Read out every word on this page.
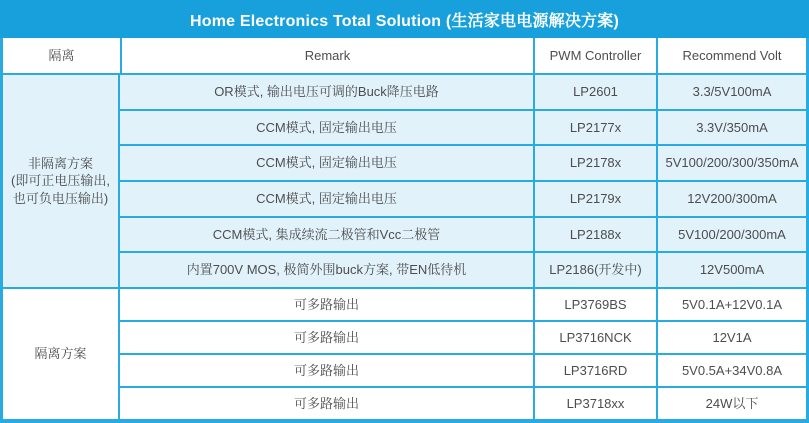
Home Electronics Total Solution (生活家电电源解决方案)
隔离	Remark	PWM Controller	Recommend Volt
非隔离方案
(即可正电压输出,
也可负电压输出)
OR模式, 输出电压可调的Buck降压电路	LP2601	3.3/5V100mA
CCM模式, 固定输出电压	LP2177x	3.3V/350mA
CCM模式, 固定输出电压	LP2178x	5V100/200/300/350mA
CCM模式, 固定输出电压	LP2179x	12V200/300mA
CCM模式, 集成续流二极管和Vcc二极管	LP2188x	5V100/200/300mA
内置700V MOS, 极简外围buck方案, 带EN低待机	LP2186(开发中)	12V500mA
隔离方案
可多路输出	LP3769BS	5V0.1A+12V0.1A
可多路输出	LP3716NCK	12V1A
可多路输出	LP3716RD	5V0.5A+34V0.8A
可多路输出	LP3718xx	24W以下
